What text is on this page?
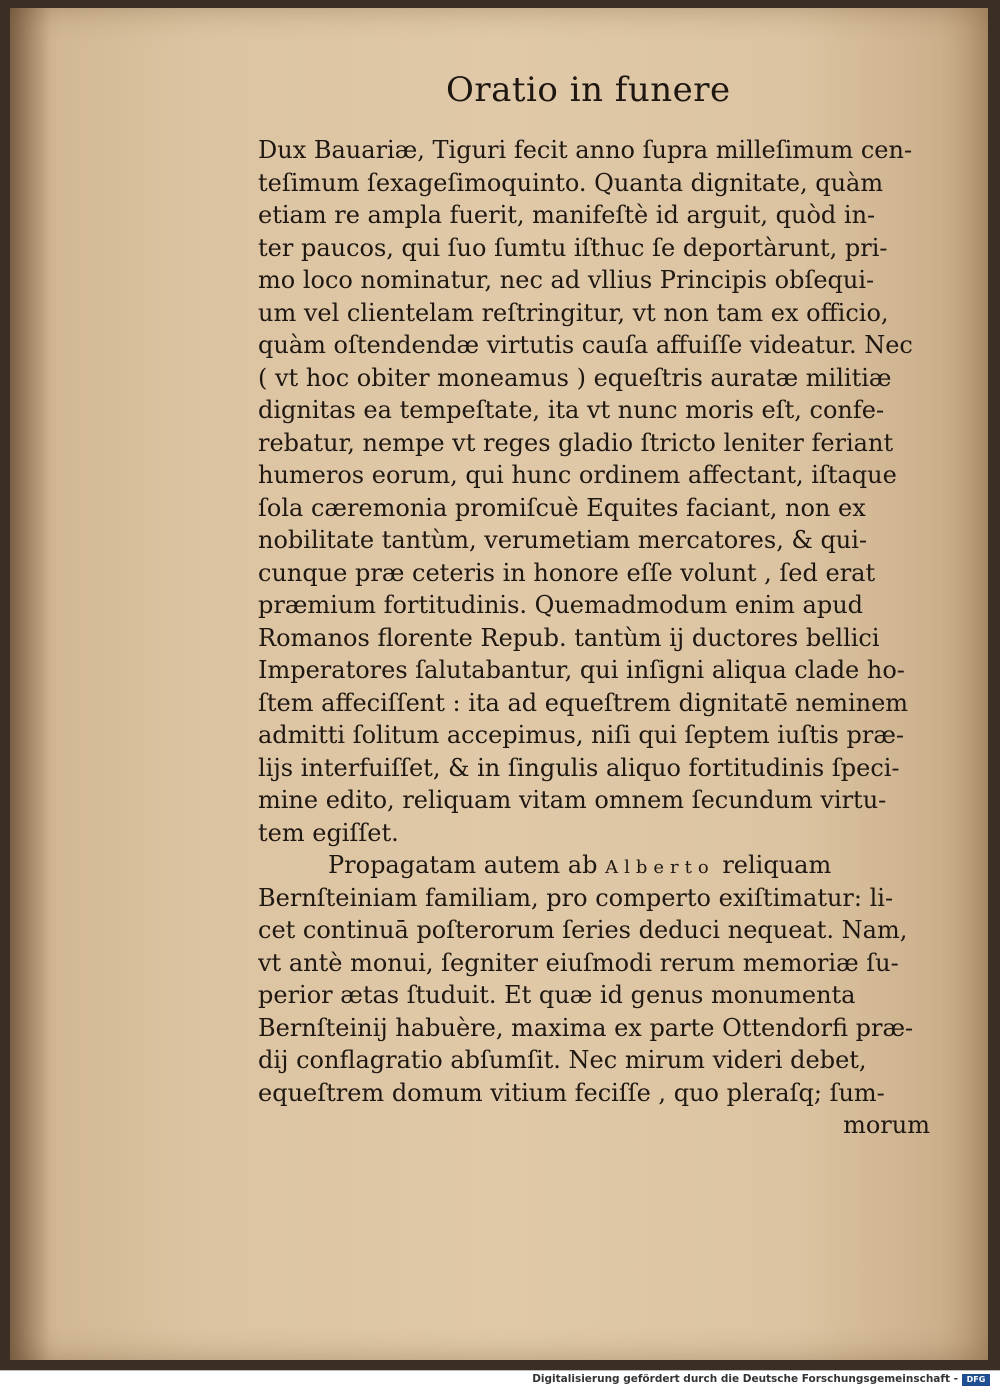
Oratio in funere
Dux Bauariæ, Tiguri fecit anno ſupra milleſimum cen-
teſimum ſexageſimoquinto. Quanta dignitate, quàm
etiam re ampla fuerit, manifeſtè id arguit, quòd in-
ter paucos, qui ſuo ſumtu iſthuc ſe deportàrunt, pri-
mo loco nominatur, nec ad vllius Principis obſequi-
um vel clientelam reſtringitur, vt non tam ex officio,
quàm oſtendendæ virtutis cauſa affuiſſe videatur. Nec
( vt hoc obiter moneamus ) equeſtris auratæ militiæ
dignitas ea tempeſtate, ita vt nunc moris eſt, confe-
rebatur, nempe vt reges gladio ſtricto leniter feriant
humeros eorum, qui hunc ordinem affectant, iſtaque
ſola cæremonia promiſcuè Equites faciant, non ex
nobilitate tantùm, verumetiam mercatores, & qui-
cunque præ ceteris in honore eſſe volunt , ſed erat
præmium fortitudinis. Quemadmodum enim apud
Romanos florente Repub. tantùm ij ductores bellici
Imperatores ſalutabantur, qui inſigni aliqua clade ho-
ſtem affeciſſent : ita ad equeſtrem dignitatē neminem
admitti ſolitum accepimus, niſi qui ſeptem iuſtis præ-
lijs interfuiſſet, & in ſingulis aliquo fortitudinis ſpeci-
mine edito, reliquam vitam omnem ſecundum virtu-
tem egiſſet.
Propagatam autem ab Alberto reliquam
Bernſteiniam familiam, pro comperto exiſtimatur: li-
cet continuā poſterorum ſeries deduci nequeat. Nam,
vt antè monui, ſegniter eiuſmodi rerum memoriæ ſu-
perior ætas ſtuduit. Et quæ id genus monumenta
Bernſteinij habuère, maxima ex parte Ottendorfi præ-
dij conflagratio abſumſit. Nec mirum videri debet,
equeſtrem domum vitium feciſſe , quo pleraſq; ſum-
morum
Digitalisierung gefördert durch die Deutsche Forschungsgemeinschaft -	DFG
